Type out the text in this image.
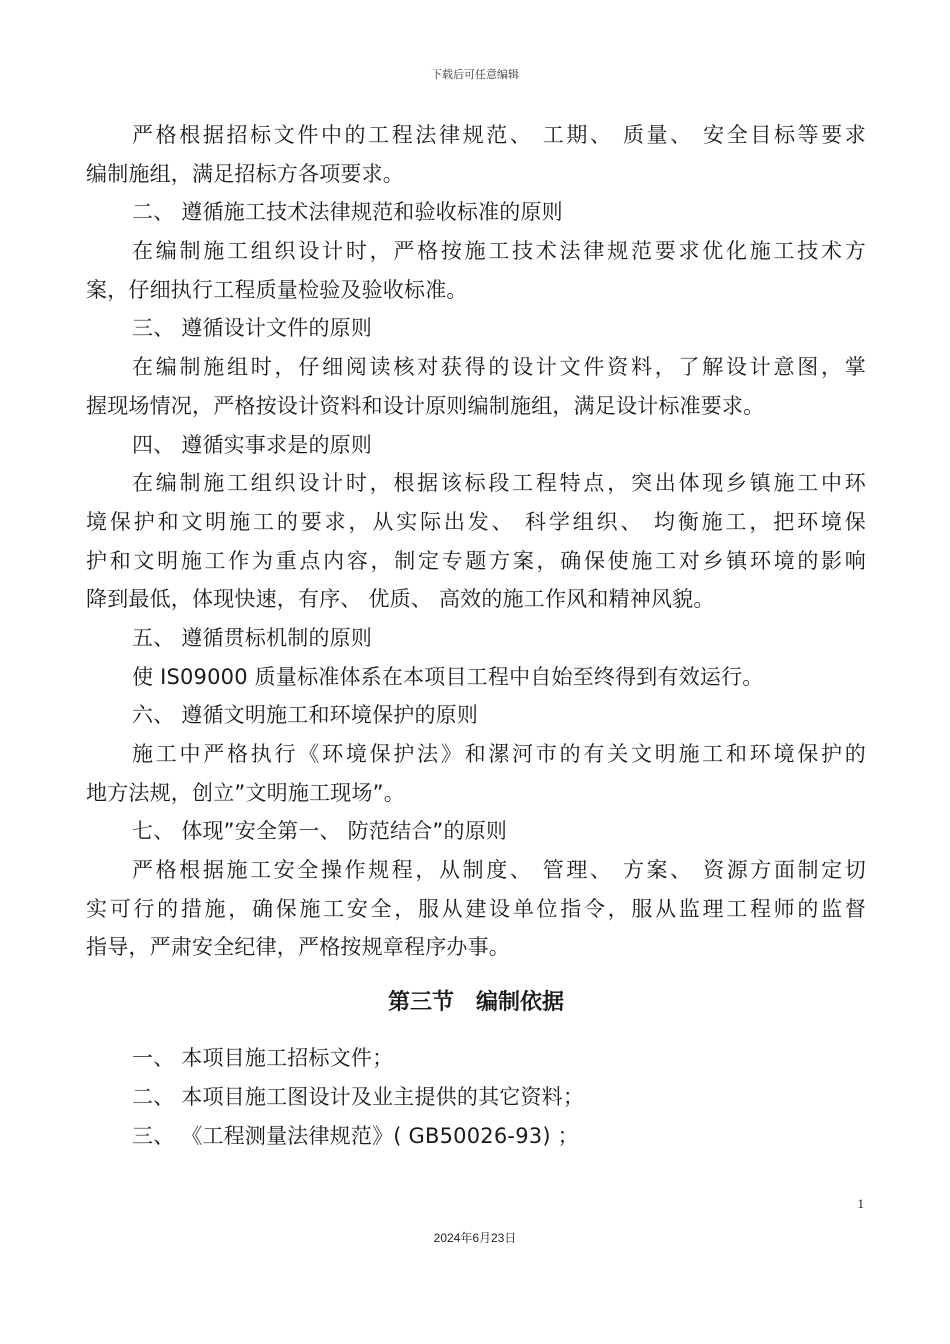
下载后可任意编辑
严格根据招标文件中的工程法律规范、 工期、 质量、 安全目标等要求
编制施组，满足招标方各项要求。
二、 遵循施工技术法律规范和验收标准的原则
在编制施工组织设计时，严格按施工技术法律规范要求优化施工技术方
案，仔细执行工程质量检验及验收标准。
三、 遵循设计文件的原则
在编制施组时，仔细阅读核对获得的设计文件资料，了解设计意图，掌
握现场情况，严格按设计资料和设计原则编制施组，满足设计标准要求。
四、 遵循实事求是的原则
在编制施工组织设计时，根据该标段工程特点，突出体现乡镇施工中环
境保护和文明施工的要求，从实际出发、 科学组织、 均衡施工，把环境保
护和文明施工作为重点内容，制定专题方案，确保使施工对乡镇环境的影响
降到最低，体现快速，有序、 优质、 高效的施工作风和精神风貌。
五、 遵循贯标机制的原则
使 IS09000 质量标准体系在本项目工程中自始至终得到有效运行。
六、 遵循文明施工和环境保护的原则
施工中严格执行《环境保护法》和漯河市的有关文明施工和环境保护的
地方法规，创立”文明施工现场”。
七、 体现”安全第一、 防范结合”的原则
严格根据施工安全操作规程，从制度、 管理、 方案、 资源方面制定切
实可行的措施，确保施工安全，服从建设单位指令，服从监理工程师的监督
指导，严肃安全纪律，严格按规章程序办事。
第三节　编制依据
一、 本项目施工招标文件；
二、 本项目施工图设计及业主提供的其它资料；
三、 《工程测量法律规范》( GB50026-93) ；
1
2024年6月23日
